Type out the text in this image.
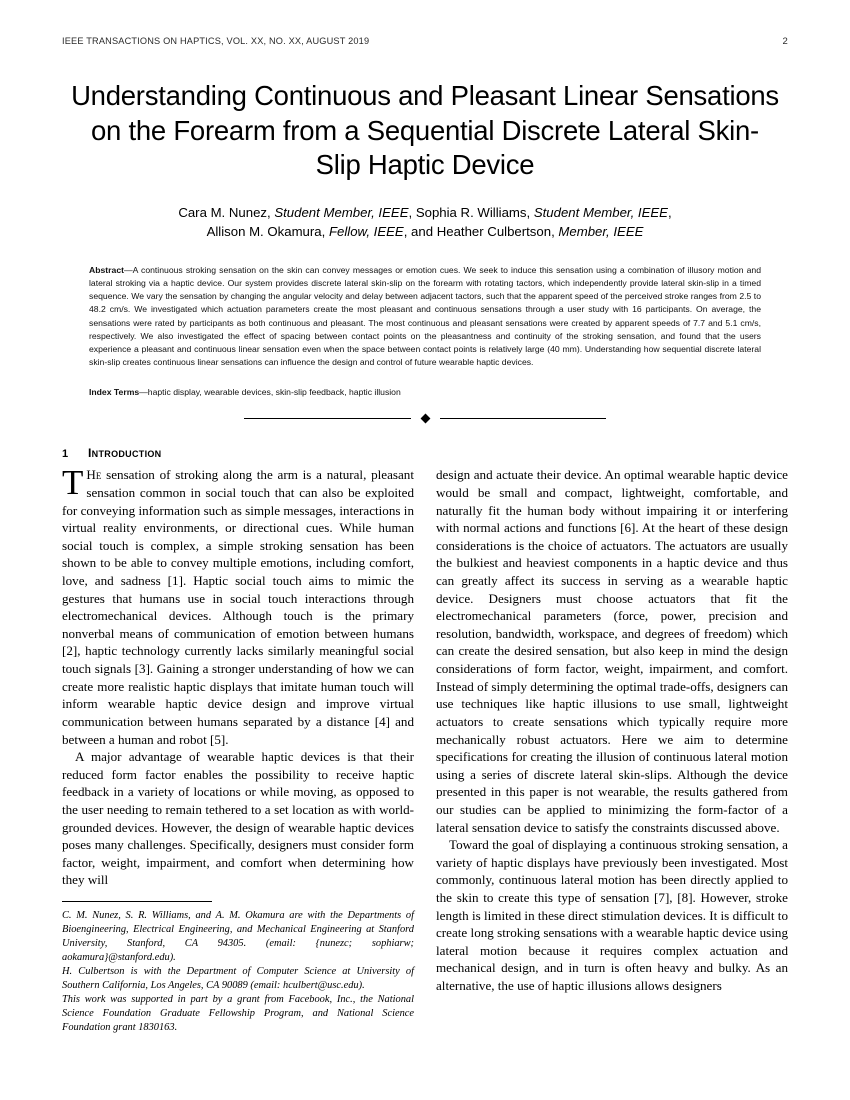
IEEE TRANSACTIONS ON HAPTICS, VOL. XX, NO. XX, AUGUST 2019	2
Understanding Continuous and Pleasant Linear Sensations on the Forearm from a Sequential Discrete Lateral Skin-Slip Haptic Device
Cara M. Nunez, Student Member, IEEE, Sophia R. Williams, Student Member, IEEE,
Allison M. Okamura, Fellow, IEEE, and Heather Culbertson, Member, IEEE
Abstract—A continuous stroking sensation on the skin can convey messages or emotion cues. We seek to induce this sensation using a combination of illusory motion and lateral stroking via a haptic device. Our system provides discrete lateral skin-slip on the forearm with rotating tactors, which independently provide lateral skin-slip in a timed sequence. We vary the sensation by changing the angular velocity and delay between adjacent tactors, such that the apparent speed of the perceived stroke ranges from 2.5 to 48.2 cm/s. We investigated which actuation parameters create the most pleasant and continuous sensations through a user study with 16 participants. On average, the sensations were rated by participants as both continuous and pleasant. The most continuous and pleasant sensations were created by apparent speeds of 7.7 and 5.1 cm/s, respectively. We also investigated the effect of spacing between contact points on the pleasantness and continuity of the stroking sensation, and found that the users experience a pleasant and continuous linear sensation even when the space between contact points is relatively large (40 mm). Understanding how sequential discrete lateral skin-slip creates continuous linear sensations can influence the design and control of future wearable haptic devices.
Index Terms—haptic display, wearable devices, skin-slip feedback, haptic illusion
1	Introduction

T He sensation of stroking along the arm is a natural, pleasant sensation common in social touch that can also be exploited for conveying information such as simple messages, interactions in virtual reality environments, or directional cues. While human social touch is complex, a simple stroking sensation has been shown to be able to convey multiple emotions, including comfort, love, and sadness [1]. Haptic social touch aims to mimic the gestures that humans use in social touch interactions through electromechanical devices. Although touch is the primary nonverbal means of communication of emotion between humans [2], haptic technology currently lacks similarly meaningful social touch signals [3]. Gaining a stronger understanding of how we can create more realistic haptic displays that imitate human touch will inform wearable haptic device design and improve virtual communication between humans separated by a distance [4] and between a human and robot [5].

A major advantage of wearable haptic devices is that their reduced form factor enables the possibility to receive haptic feedback in a variety of locations or while moving, as opposed to the user needing to remain tethered to a set location as with world-grounded devices. However, the design of wearable haptic devices poses many challenges. Specifically, designers must consider form factor, weight, impairment, and comfort when determining how they will

C. M. Nunez, S. R. Williams, and A. M. Okamura are with the Departments of Bioengineering, Electrical Engineering, and Mechanical Engineering at Stanford University, Stanford, CA 94305. (email: {nunezc; sophiarw; aokamura}@stanford.edu).

H. Culbertson is with the Department of Computer Science at University of Southern California, Los Angeles, CA 90089 (email: hculbert@usc.edu).

This work was supported in part by a grant from Facebook, Inc., the National Science Foundation Graduate Fellowship Program, and National Science Foundation grant 1830163.

design and actuate their device. An optimal wearable haptic device would be small and compact, lightweight, comfortable, and naturally fit the human body without impairing it or interfering with normal actions and functions [6]. At the heart of these design considerations is the choice of actuators. The actuators are usually the bulkiest and heaviest components in a haptic device and thus can greatly affect its success in serving as a wearable haptic device. Designers must choose actuators that fit the electromechanical parameters (force, power, precision and resolution, bandwidth, workspace, and degrees of freedom) which can create the desired sensation, but also keep in mind the design considerations of form factor, weight, impairment, and comfort. Instead of simply determining the optimal trade-offs, designers can use techniques like haptic illusions to use small, lightweight actuators to create sensations which typically require more mechanically robust actuators. Here we aim to determine specifications for creating the illusion of continuous lateral motion using a series of discrete lateral skin-slips. Although the device presented in this paper is not wearable, the results gathered from our studies can be applied to minimizing the form-factor of a lateral sensation device to satisfy the constraints discussed above.

Toward the goal of displaying a continuous stroking sensation, a variety of haptic displays have previously been investigated. Most commonly, continuous lateral motion has been directly applied to the skin to create this type of sensation [7], [8]. However, stroke length is limited in these direct stimulation devices. It is difficult to create long stroking sensations with a wearable haptic device using lateral motion because it requires complex actuation and mechanical design, and in turn is often heavy and bulky. As an alternative, the use of haptic illusions allows designers
